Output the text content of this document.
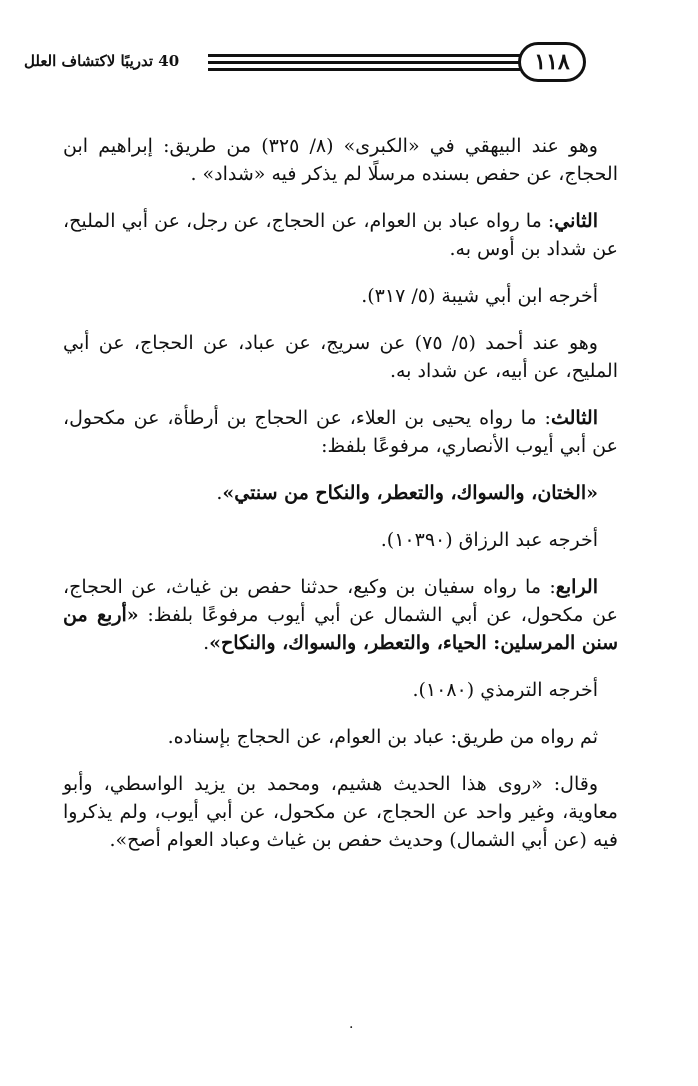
١١٨
40 تدريبًا لاكتشاف العلل

وهو عند البيهقي في «الكبرى» (٨/ ٣٢٥) من طريق: إبراهيم ابن الحجاج، عن حفص بسنده مرسلًا لم يذكر فيه «شداد» .

الثاني: ما رواه عباد بن العوام، عن الحجاج، عن رجل، عن أبي المليح، عن شداد بن أوس به.

أخرجه ابن أبي شيبة (٥/ ٣١٧).

وهو عند أحمد (٥/ ٧٥) عن سريج، عن عباد، عن الحجاج، عن أبي المليح، عن أبيه، عن شداد به.

الثالث: ما رواه يحيى بن العلاء، عن الحجاج بن أرطأة، عن مكحول، عن أبي أيوب الأنصاري، مرفوعًا بلفظ:

«الختان، والسواك، والتعطر، والنكاح من سنتي».

أخرجه عبد الرزاق (١٠٣٩٠).

الرابع: ما رواه سفيان بن وكيع، حدثنا حفص بن غياث، عن الحجاج، عن مكحول، عن أبي الشمال عن أبي أيوب مرفوعًا بلفظ: «أربع من سنن المرسلين: الحياء، والتعطر، والسواك، والنكاح».

أخرجه الترمذي (١٠٨٠).

ثم رواه من طريق: عباد بن العوام، عن الحجاج بإسناده.

وقال: «روى هذا الحديث هشيم، ومحمد بن يزيد الواسطي، وأبو معاوية، وغير واحد عن الحجاج، عن مكحول، عن أبي أيوب، ولم يذكروا فيه (عن أبي الشمال) وحديث حفص بن غياث وعباد العوام أصح».

·
